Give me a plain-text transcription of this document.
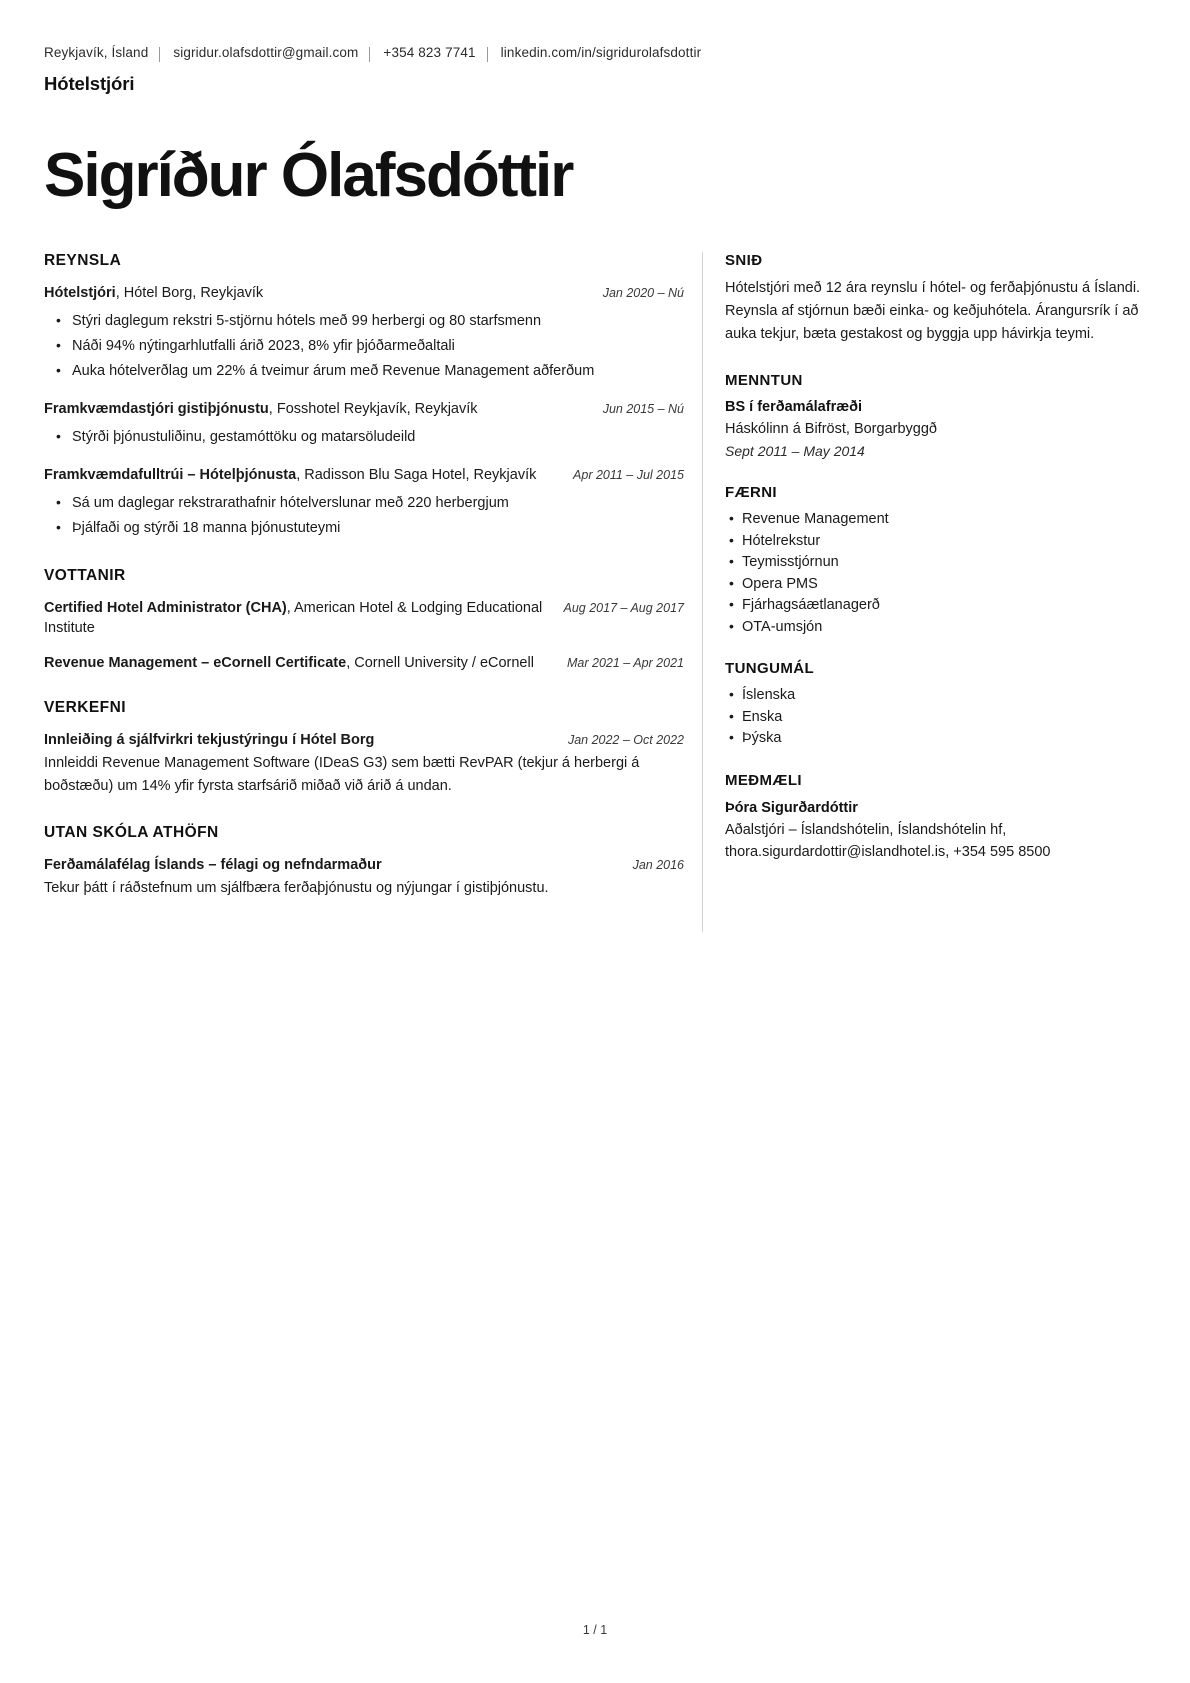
Reykjavík, Ísland sigridur.olafsdottir@gmail.com +354 823 7741 linkedin.com/in/sigridurolafsdottir
Hótelstjóri
Sigríður Ólafsdóttir
REYNSLA
Hótelstjóri, Hótel Borg, Reykjavík	Jan 2020 – Nú
• Stýri daglegum rekstri 5-stjörnu hótels með 99 herbergi og 80 starfsmenn
• Náði 94% nýtingarhlutfalli árið 2023, 8% yfir þjóðarmeðaltali
• Auka hótelverðlag um 22% á tveimur árum með Revenue Management aðferðum
Framkvæmdastjóri gistiþjónustu, Fosshotel Reykjavík, Reykjavík	Jun 2015 – Nú
• Stýrði þjónustuliðinu, gestamóttöku og matarsöludeild
Framkvæmdafulltrúi – Hótelþjónusta, Radisson Blu Saga Hotel, Reykjavík	Apr 2011 – Jul 2015
• Sá um daglegar rekstrarathafnir hótelverslunar með 220 herbergjum
• Þjálfaði og stýrði 18 manna þjónustuteymi
VOTTANIR
Certified Hotel Administrator (CHA), American Hotel & Lodging Educational Institute
Aug 2017 – Aug 2017
Revenue Management – eCornell Certificate, Cornell University / eCornell	Mar 2021 – Apr 2021
VERKEFNI
Innleiðing á sjálfvirkri tekjustýringu í Hótel Borg	Jan 2022 – Oct 2022
Innleiddi Revenue Management Software (IDeaS G3) sem bætti RevPAR (tekjur á herbergi á boðstæðu) um 14% yfir fyrsta starfsárið miðað við árið á undan.
UTAN SKÓLA ATHÖFN
Ferðamálafélag Íslands – félagi og nefndarmaður	Jan 2016
Tekur þátt í ráðstefnum um sjálfbæra ferðaþjónustu og nýjungar í gistiþjónustu.
SNIÐ
Hótelstjóri með 12 ára reynslu í hótel- og ferðaþjónustu á Íslandi. Reynsla af stjórnun bæði einka- og keðjuhótela. Árangursrík í að auka tekjur, bæta gestakost og byggja upp hávirkja teymi.
MENNTUN
BS í ferðamálafræði
Háskólinn á Bifröst, Borgarbyggð
Sept 2011 – May 2014
FÆRNI
• Revenue Management
• Hótelrekstur
• Teymisstjórnun
• Opera PMS
• Fjárhagsáætlanagerð
• OTA-umsjón
TUNGUMÁL
• Íslenska
• Enska
• Þýska
MEÐMÆLI
Þóra Sigurðardóttir
Aðalstjóri – Íslandshótelin, Íslandshótelin hf, thora.sigurdardottir@islandhotel.is, +354 595 8500
1 / 1
